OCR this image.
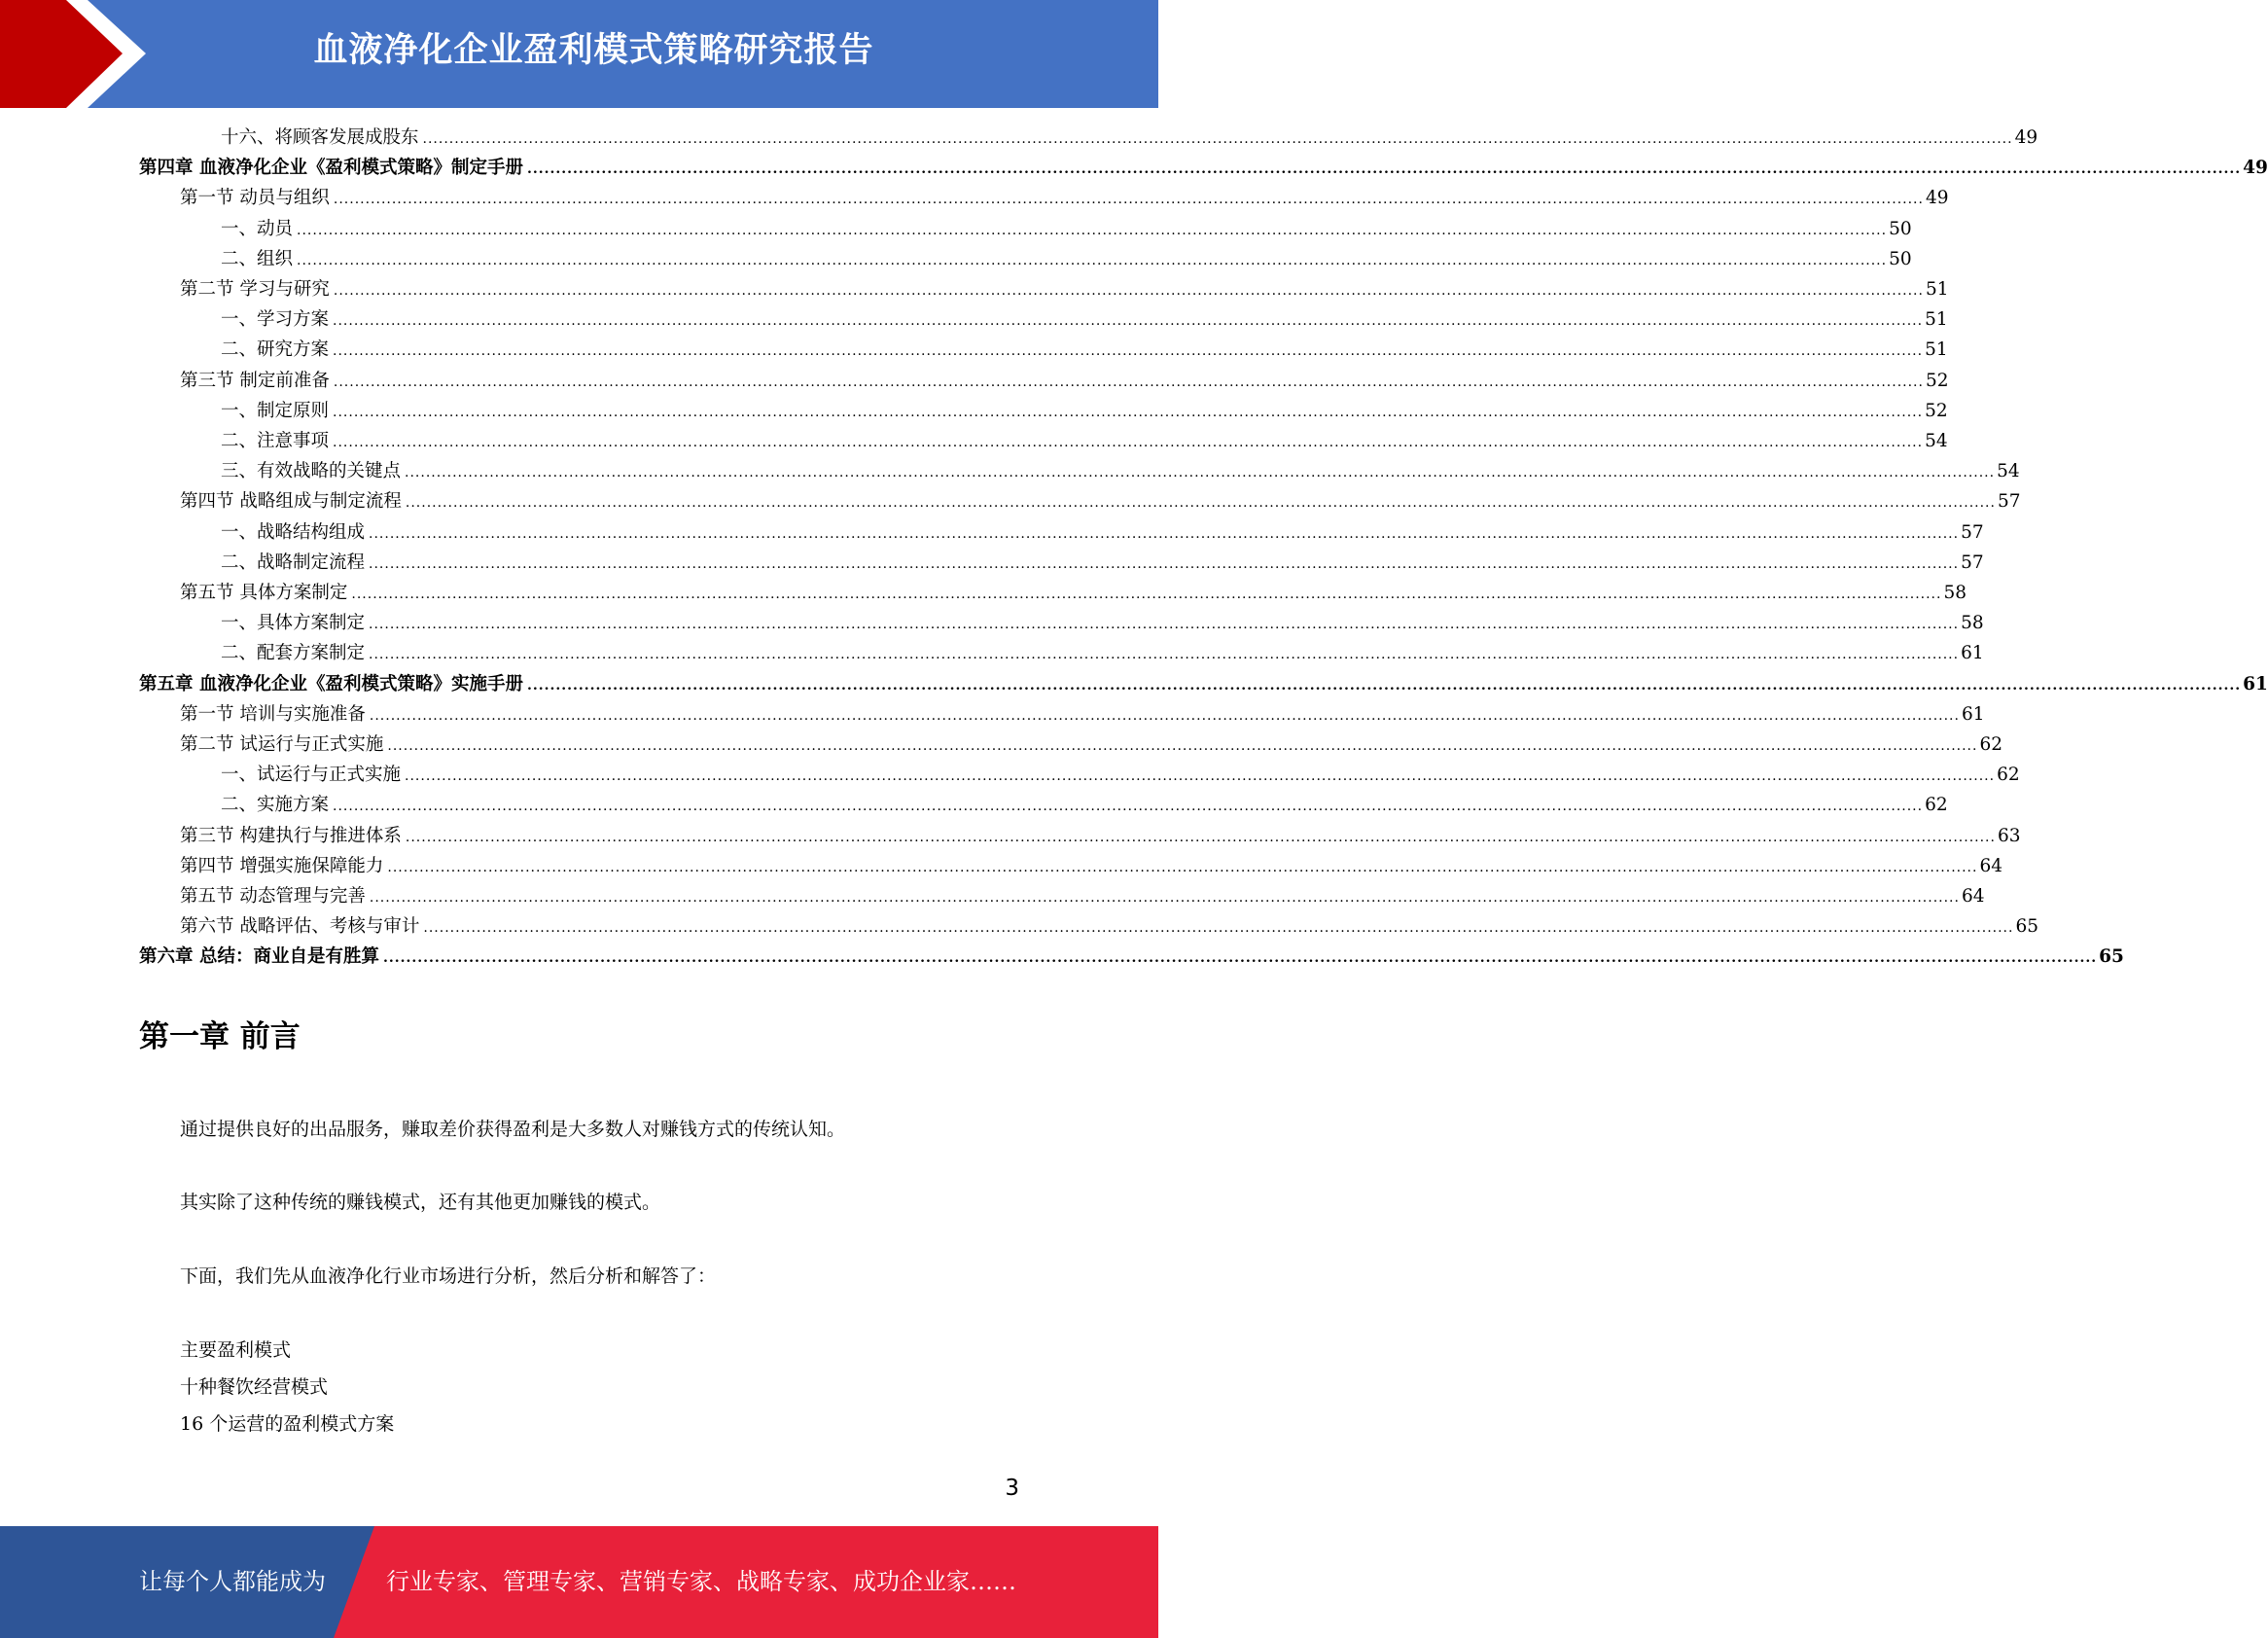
血液净化企业盈利模式策略研究报告
十六、将顾客发展成股东 ............................................................................................................................................................................................................................................................................................................ 49
第四章 血液净化企业《盈利模式策略》制定手册 ............................................................................................................................................................................................................................................................................................................ 49
第一节 动员与组织 ............................................................................................................................................................................................................................................................................................................ 49
一、动员 ............................................................................................................................................................................................................................................................................................................ 50
二、组织 ............................................................................................................................................................................................................................................................................................................ 50
第二节 学习与研究 ............................................................................................................................................................................................................................................................................................................ 51
一、学习方案 ............................................................................................................................................................................................................................................................................................................ 51
二、研究方案 ............................................................................................................................................................................................................................................................................................................ 51
第三节 制定前准备 ............................................................................................................................................................................................................................................................................................................ 52
一、制定原则 ............................................................................................................................................................................................................................................................................................................ 52
二、注意事项 ............................................................................................................................................................................................................................................................................................................ 54
三、有效战略的关键点 ............................................................................................................................................................................................................................................................................................................ 54
第四节 战略组成与制定流程 ............................................................................................................................................................................................................................................................................................................ 57
一、战略结构组成 ............................................................................................................................................................................................................................................................................................................ 57
二、战略制定流程 ............................................................................................................................................................................................................................................................................................................ 57
第五节 具体方案制定 ............................................................................................................................................................................................................................................................................................................ 58
一、具体方案制定 ............................................................................................................................................................................................................................................................................................................ 58
二、配套方案制定 ............................................................................................................................................................................................................................................................................................................ 61
第五章 血液净化企业《盈利模式策略》实施手册 ............................................................................................................................................................................................................................................................................................................ 61
第一节 培训与实施准备 ............................................................................................................................................................................................................................................................................................................ 61
第二节 试运行与正式实施 ............................................................................................................................................................................................................................................................................................................ 62
一、试运行与正式实施 ............................................................................................................................................................................................................................................................................................................ 62
二、实施方案 ............................................................................................................................................................................................................................................................................................................ 62
第三节 构建执行与推进体系 ............................................................................................................................................................................................................................................................................................................ 63
第四节 增强实施保障能力 ............................................................................................................................................................................................................................................................................................................ 64
第五节 动态管理与完善 ............................................................................................................................................................................................................................................................................................................ 64
第六节 战略评估、考核与审计 ............................................................................................................................................................................................................................................................................................................ 65
第六章 总结：商业自是有胜算 ............................................................................................................................................................................................................................................................................................................ 65
第一章 前言
通过提供良好的出品服务，赚取差价获得盈利是大多数人对赚钱方式的传统认知。
其实除了这种传统的赚钱模式，还有其他更加赚钱的模式。
下面，我们先从血液净化行业市场进行分析，然后分析和解答了：
主要盈利模式
十种餐饮经营模式
16 个运营的盈利模式方案
3
让每个人都能成为	行业专家、管理专家、营销专家、战略专家、成功企业家……
